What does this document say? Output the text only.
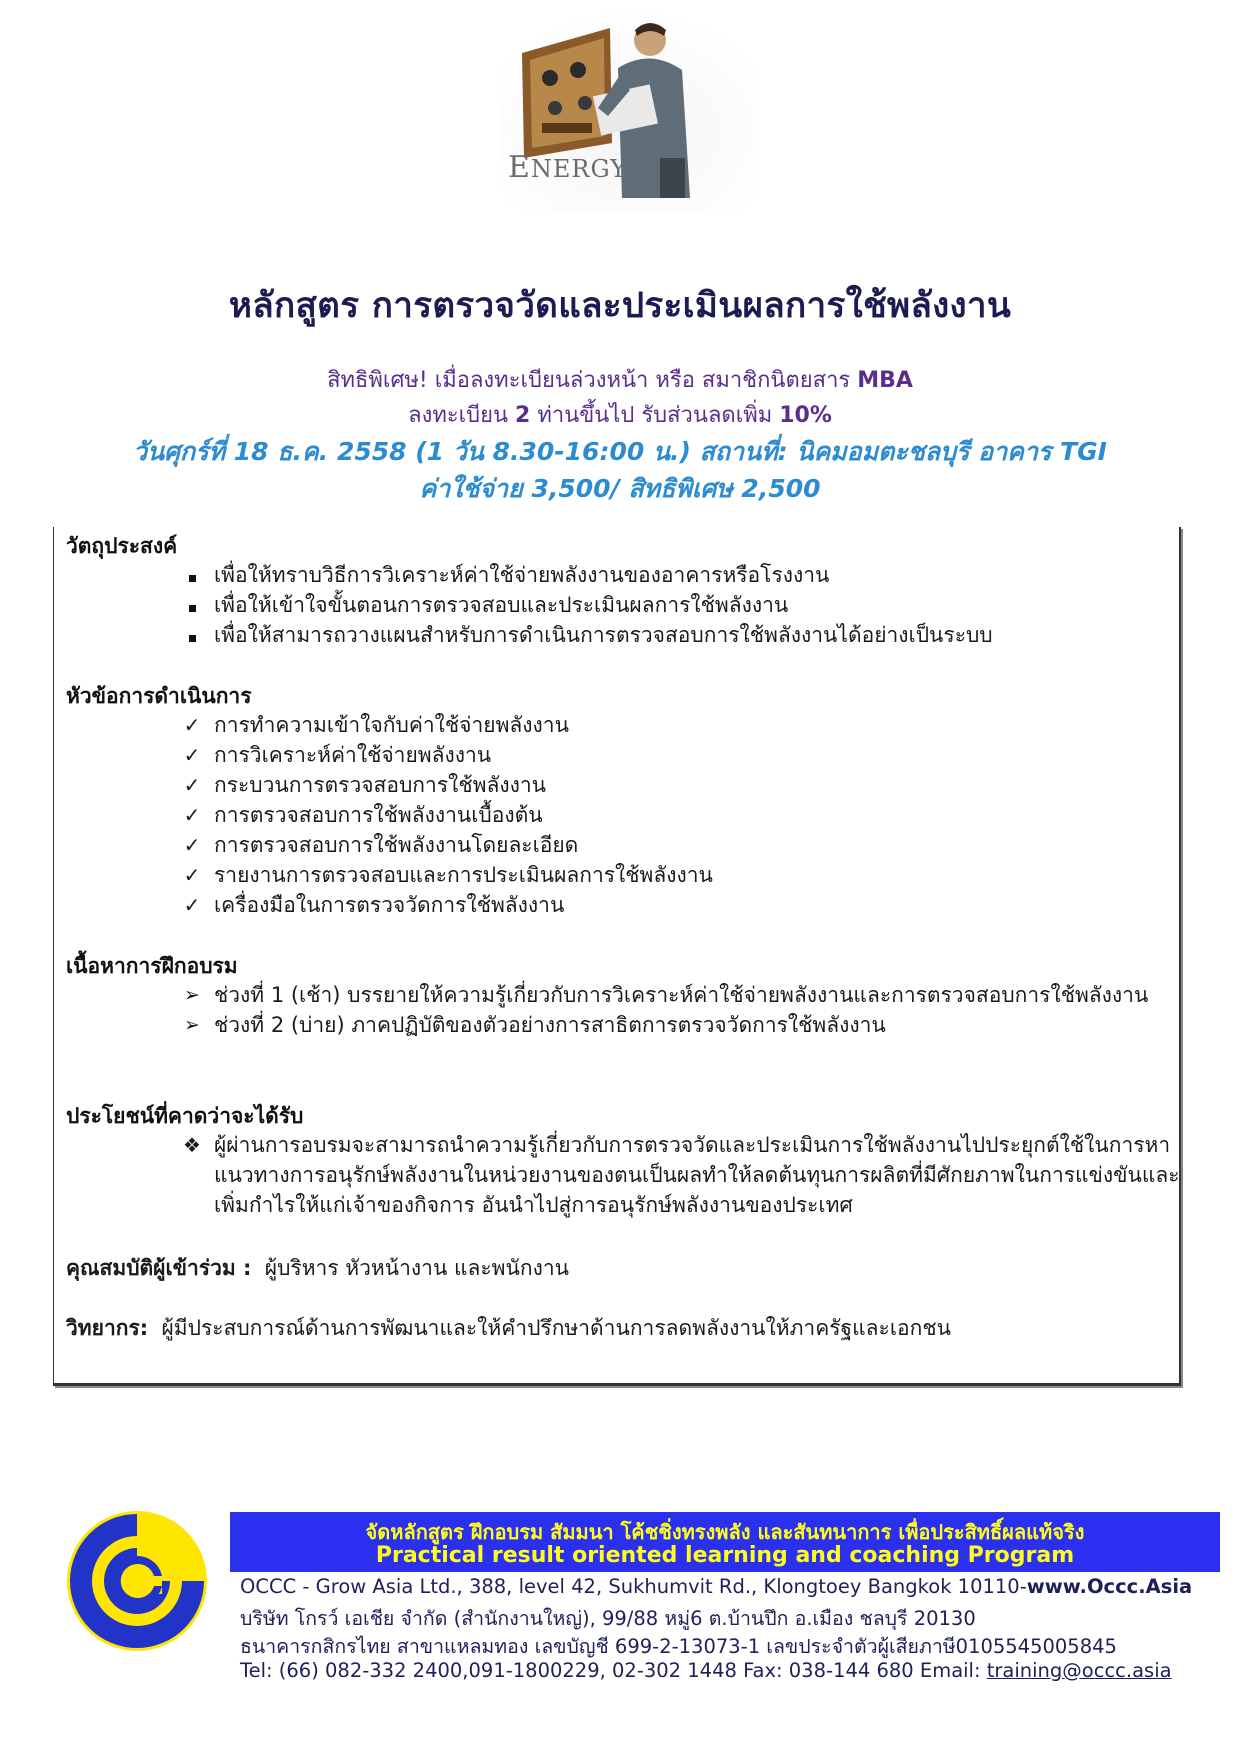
ENERGY
หลักสูตร การตรวจวัดและประเมินผลการใช้พลังงาน
สิทธิพิเศษ! เมื่อลงทะเบียนล่วงหน้า หรือ สมาชิกนิตยสาร MBA
ลงทะเบียน 2 ท่านขึ้นไป รับส่วนลดเพิ่ม 10%
วันศุกร์ที่ 18 ธ.ค. 2558 (1 วัน 8.30-16:00 น.) สถานที่: นิคมอมตะชลบุรี อาคาร TGI
ค่าใช้จ่าย 3,500/ สิทธิพิเศษ 2,500
วัตถุประสงค์
เพื่อให้ทราบวิธีการวิเคราะห์ค่าใช้จ่ายพลังงานของอาคารหรือโรงงาน
เพื่อให้เข้าใจขั้นตอนการตรวจสอบและประเมินผลการใช้พลังงาน
เพื่อให้สามารถวางแผนสำหรับการดำเนินการตรวจสอบการใช้พลังงานได้อย่างเป็นระบบ
หัวข้อการดำเนินการ
✓ การทำความเข้าใจกับค่าใช้จ่ายพลังงาน
✓ การวิเคราะห์ค่าใช้จ่ายพลังงาน
✓ กระบวนการตรวจสอบการใช้พลังงาน
✓ การตรวจสอบการใช้พลังงานเบื้องต้น
✓ การตรวจสอบการใช้พลังงานโดยละเอียด
✓ รายงานการตรวจสอบและการประเมินผลการใช้พลังงาน
✓ เครื่องมือในการตรวจวัดการใช้พลังงาน
เนื้อหาการฝึกอบรม
➢ ช่วงที่ 1 (เช้า) บรรยายให้ความรู้เกี่ยวกับการวิเคราะห์ค่าใช้จ่ายพลังงานและการตรวจสอบการใช้พลังงาน
➢ ช่วงที่ 2 (บ่าย) ภาคปฏิบัติของตัวอย่างการสาธิตการตรวจวัดการใช้พลังงาน
ประโยชน์ที่คาดว่าจะได้รับ
❖ ผู้ผ่านการอบรมจะสามารถนำความรู้เกี่ยวกับการตรวจวัดและประเมินการใช้พลังงานไปประยุกต์ใช้ในการหาแนวทางการอนุรักษ์พลังงานในหน่วยงานของตนเป็นผลทำให้ลดต้นทุนการผลิตที่มีศักยภาพในการแข่งขันและเพิ่มกำไรให้แก่เจ้าของกิจการ อันนำไปสู่การอนุรักษ์พลังงานของประเทศ
คุณสมบัติผู้เข้าร่วม : ผู้บริหาร หัวหน้างาน และพนักงาน
วิทยากร: ผู้มีประสบการณ์ด้านการพัฒนาและให้คำปรึกษาด้านการลดพลังงานให้ภาครัฐและเอกชน
จัดหลักสูตร ฝึกอบรม สัมมนา โค้ชชิ่งทรงพลัง และสันทนาการ เพื่อประสิทธิ์ผลแท้จริง
Practical result oriented learning and coaching Program
OCCC - Grow Asia Ltd., 388, level 42, Sukhumvit Rd., Klongtoey Bangkok 10110-www.Occc.Asia
บริษัท โกรว์ เอเชีย จำกัด (สำนักงานใหญ่), 99/88 หมู่6 ต.บ้านปึก อ.เมือง ชลบุรี 20130
ธนาคารกสิกรไทย สาขาแหลมทอง เลขบัญชี 699-2-13073-1 เลขประจำตัวผู้เสียภาษี0105545005845
Tel: (66) 082-332 2400,091-1800229, 02-302 1448 Fax: 038-144 680 Email: training@occc.asia
